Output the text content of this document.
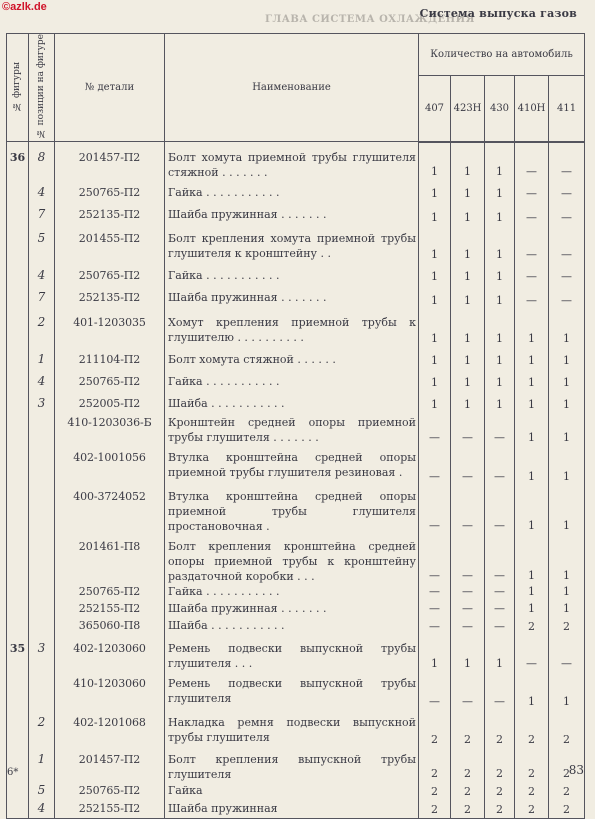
©azlk.de
ГЛАВА СИСТЕМА ОХЛАЖДЕНИЯ
Система выпуска газов
№ фигуры	№ позиции на фигуре	№ детали	Наименование	Количество на автомобиль				
				407	423Н	430	410Н	411
36	8	201457-П2	Болт хомута приемной трубы глушителя стяжной . . . . . . .	1	1	1	—	—

	4	250765-П2	Гайка . . . . . . . . . . .	1	1	1	—	—

	7	252135-П2	Шайба пружинная . . . . . . .	1	1	1	—	—

	5	201455-П2	Болт крепления хомута приемной трубы глушителя к кронштейну . .	1	1	1	—	—

	4	250765-П2	Гайка . . . . . . . . . . .	1	1	1	—	—

	7	252135-П2	Шайба пружинная . . . . . . .	1	1	1	—	—

	2	401-1203035	Хомут крепления приемной трубы к глушителю . . . . . . . . . .	1	1	1	1	1

	1	211104-П2	Болт хомута стяжной . . . . . .	1	1	1	1	1

	4	250765-П2	Гайка . . . . . . . . . . .	1	1	1	1	1

	3	252005-П2	Шайба . . . . . . . . . . .	1	1	1	1	1

		410-1203036-Б	Кронштейн средней опоры приемной трубы глушителя . . . . . . .	—	—	—	1	1

		402-1001056	Втулка кронштейна средней опоры приемной трубы глушителя резиновая .	—	—	—	1	1

		400-3724052	Втулка кронштейна средней опоры приемной трубы глушителя простановочная .	—	—	—	1	1

		201461-П8	Болт крепления кронштейна средней опоры приемной трубы к кронштейну раздаточной коробки . . .	—	—	—	1	1

		250765-П2	Гайка . . . . . . . . . . .	—	—	—	1	1

		252155-П2	Шайба пружинная . . . . . . .	—	—	—	1	1

		365060-П8	Шайба . . . . . . . . . . .	—	—	—	2	2

35	3	402-1203060	Ремень подвески выпускной трубы глушителя . . .	1	1	1	—	—

		410-1203060	Ремень подвески выпускной трубы глушителя	—	—	—	1	1

	2	402-1201068	Накладка ремня подвески выпускной трубы глушителя	2	2	2	2	2

	1	201457-П2	Болт крепления выпускной трубы глушителя	2	2	2	2	2

	5	250765-П2	Гайка	2	2	2	2	2

	4	252155-П2	Шайба пружинная	2	2	2	2	2
6*	83
